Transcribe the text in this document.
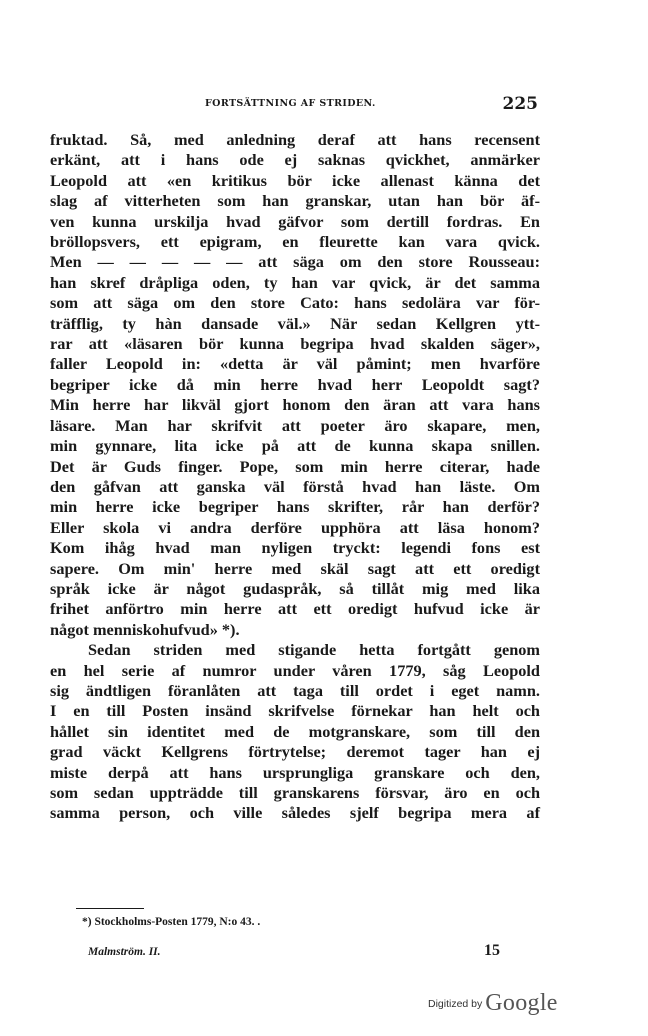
FORTSÄTTNING AF STRIDEN.	225
fruktad. Så, med anledning deraf att hans recensent
erkänt, att i hans ode ej saknas qvickhet, anmärker
Leopold att «en kritikus bör icke allenast känna det
slag af vitterheten som han granskar, utan han bör äf-
ven kunna urskilja hvad gäfvor som dertill fordras. En
bröllopsvers, ett epigram, en fleurette kan vara qvick.
Men — — — — — att säga om den store Rousseau:
han skref dråpliga oden, ty han var qvick, är det samma
som att säga om den store Cato: hans sedolära var för-
träfflig, ty hàn dansade väl.» När sedan Kellgren ytt-
rar att «läsaren bör kunna begripa hvad skalden säger»,
faller Leopold in: «detta är väl påmint; men hvarföre
begriper icke då min herre hvad herr Leopoldt sagt?
Min herre har likväl gjort honom den äran att vara hans
läsare. Man har skrifvit att poeter äro skapare, men,
min gynnare, lita icke på att de kunna skapa snillen.
Det är Guds finger. Pope, som min herre citerar, hade
den gåfvan att ganska väl förstå hvad han läste. Om
min herre icke begriper hans skrifter, rår han derför?
Eller skola vi andra derföre upphöra att läsa honom?
Kom ihåg hvad man nyligen tryckt: legendi fons est
sapere. Om min' herre med skäl sagt att ett oredigt
språk icke är något gudaspråk, så tillåt mig med lika
frihet anförtro min herre att ett oredigt hufvud icke är
något menniskohufvud» *).
Sedan striden med stigande hetta fortgått genom
en hel serie af numror under våren 1779, såg Leopold
sig ändtligen föranlåten att taga till ordet i eget namn.
I en till Posten insänd skrifvelse förnekar han helt och
hållet sin identitet med de motgranskare, som till den
grad väckt Kellgrens förtrytelse; deremot tager han ej
miste derpå att hans ursprungliga granskare och den,
som sedan uppträdde till granskarens försvar, äro en och
samma person, och ville således sjelf begripa mera af
*) Stockholms-Posten 1779, N:o 43. .
Malmström. II.	15
Digitized by Google
